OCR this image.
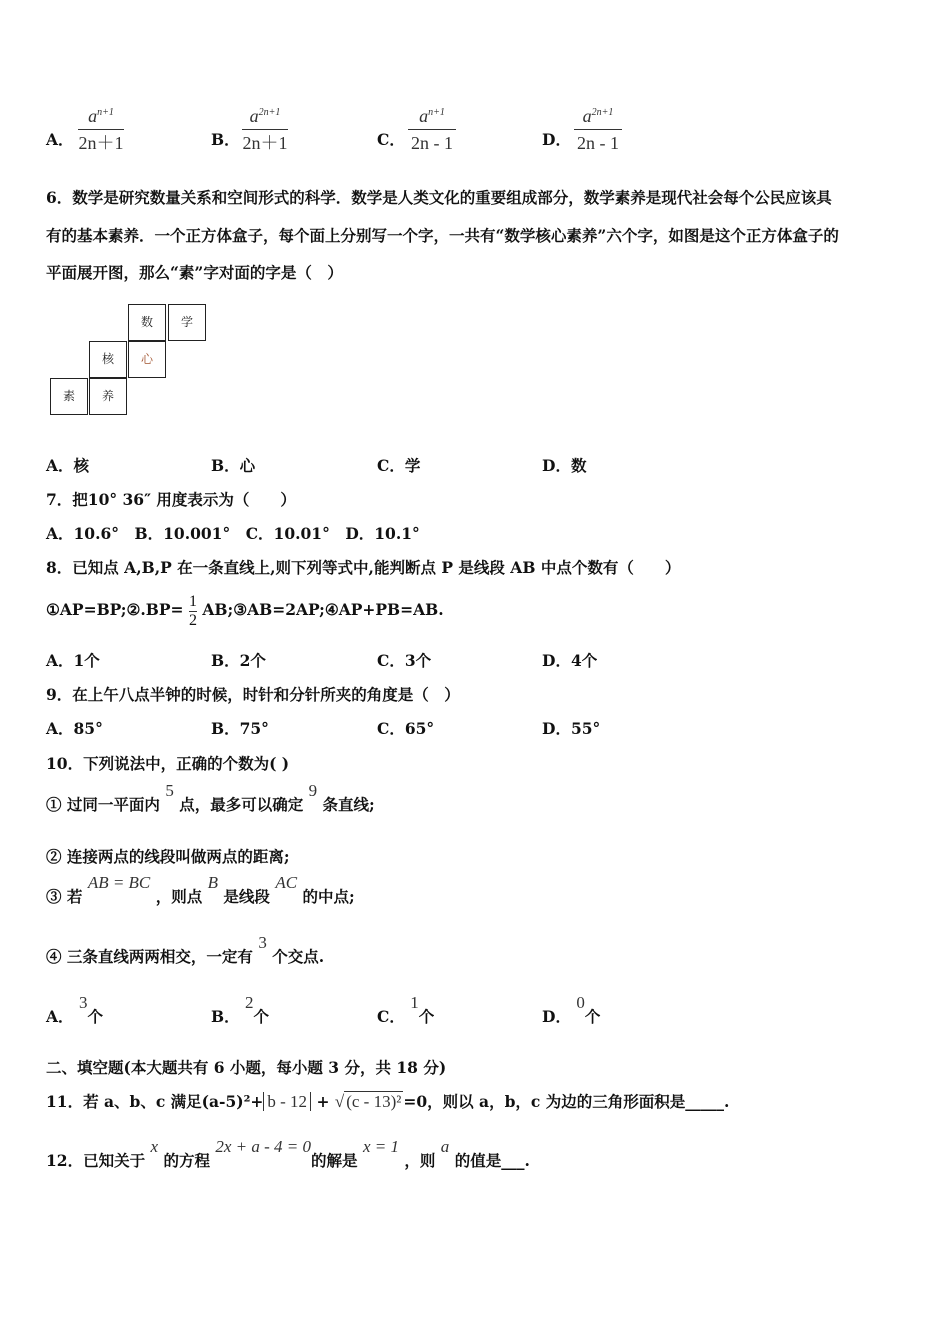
A．
$a^{n+1}$
2n＋1	B．
$a^{2n+1}$
2n＋1	C．
$a^{n+1}$
2n - 1	D．
$a^{2n+1}$
2n - 1
6．数学是研究数量关系和空间形式的科学．数学是人类文化的重要组成部分，数学素养是现代社会每个公民应该具
有的基本素养．一个正方体盒子，每个面上分别写一个字，一共有“数学核心素养”六个字，如图是这个正方体盒子的
平面展开图，那么“素”字对面的字是（　）
数	学
核	心
素	养
A．核	B．心	C．学	D．数
7．把10° 36″ 用度表示为（　　）
A．10.6°　B．10.001°　C．10.01°　D．10.1°
8．已知点 A,B,P 在一条直线上,则下列等式中,能判断点 P 是线段 AB 中点个数有（　　）
①AP=BP;②.BP= $\frac{1}{2}$ AB;③AB=2AP;④AP+PB=AB.
A．1个	B．2个	C．3个	D．4个
9．在上午八点半钟的时候，时针和分针所夹的角度是（　）
A．85°	B．75°	C．65°	D．55°
10．下列说法中，正确的个数为( )
① 过同一平面内 5 点，最多可以确定 9 条直线;
② 连接两点的线段叫做两点的距离;
③ 若 AB = BC ，则点 B 是线段 AC 的中点;
④ 三条直线两两相交，一定有 3 个交点.
A． 3个	B． 2个	C． 1个	D． 0个
二、填空题(本大题共有 6 小题，每小题 3 分，共 18 分)
11．若 a、b、c 满足(a-5)²+ b - 12 + √ (c - 13)² =0，则以 a，b，c 为边的三角形面积是_____.
12．已知关于 x 的方程 2x + a - 4 = 0的解是 x = 1 ，则 a 的值是___.
